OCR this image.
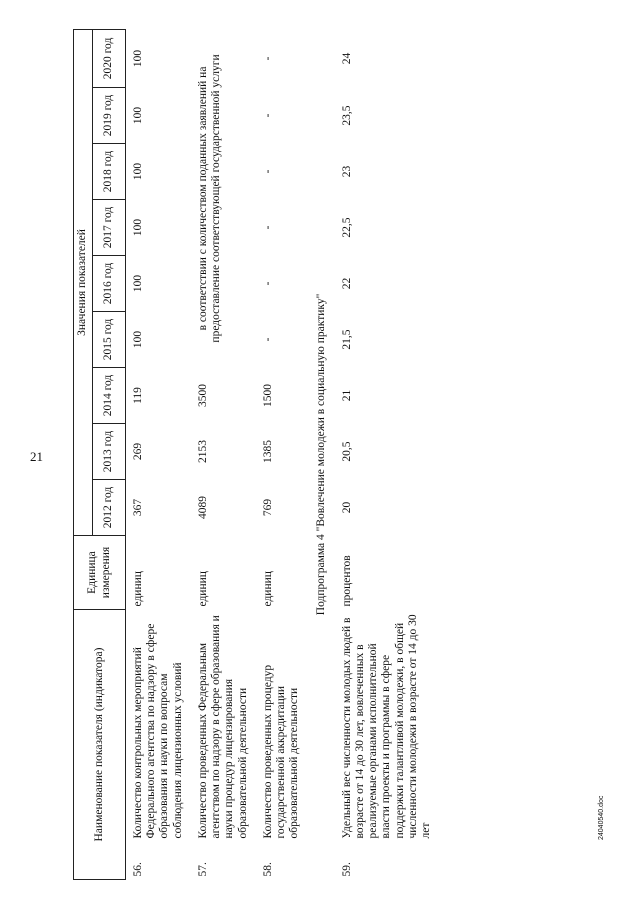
21
Наименование показателя (индикатора)		Единица измерения	Значения показателей								
			2012 год	2013 год	2014 год	2015 год	2016 год	2017 год	2018 год	2019 год	2020 год
56.	Количество контрольных мероприятий Федерального агентства по надзору в сфере образования и науки по вопросам соблюдения лицензионных условий	единиц	367	269	119	100	100	100	100	100	100
57.	Количество проведенных Федеральным агентством по надзору в сфере образования и науки процедур лицензирования образовательной деятельности	единиц	4089	2153	3500	в соответствии с количеством поданных заявлений на предоставление соответствующей государственной услуги					
58.	Количество проведенных процедур государственной аккредитации образовательной деятельности	единиц	769	1385	1500	-	-	-	-	-	-
Подпрограмма 4 "Вовлечение молодежи в социальную практику"											
59.	Удельный вес численности молодых людей в возрасте от 14 до 30 лет, вовлеченных в реализуемые органами исполнительной власти проекты и программы в сфере поддержки талантливой молодежи, в общей численности молодежи в возрасте от 14 до 30 лет	процентов	20	20,5	21	21,5	22	22,5	23	23,5	24
24040540.doc
